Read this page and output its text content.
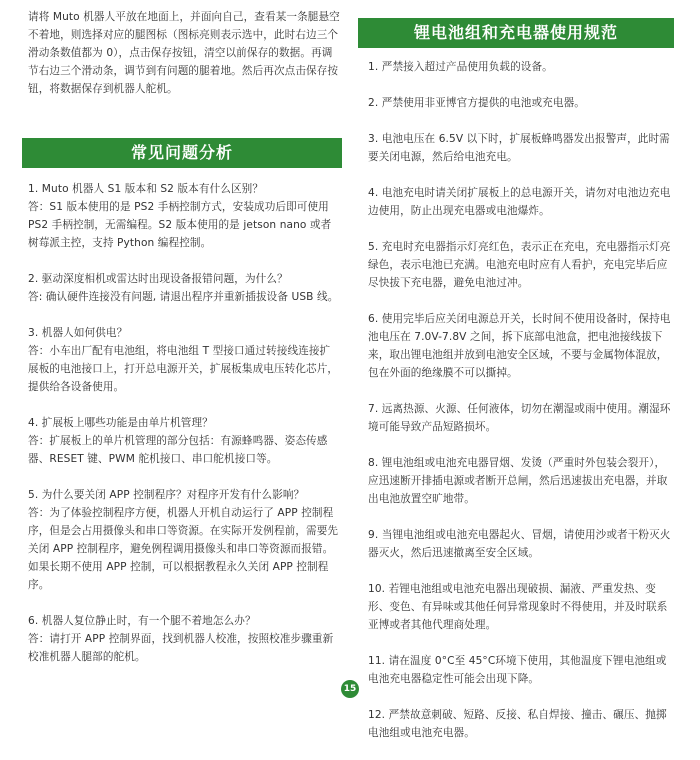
请将 Muto 机器人平放在地面上，并面向自己，查看某一条腿悬空不着地，则选择对应的腿图标（图标亮则表示选中，此时右边三个滑动条数值都为 0），点击保存按钮，清空以前保存的数据。再调节右边三个滑动条，调节到有问题的腿着地。然后再次点击保存按钮，将数据保存到机器人舵机。

常见问题分析

1. Muto 机器人 S1 版本和 S2 版本有什么区别？
答：S1 版本使用的是 PS2 手柄控制方式，安装成功后即可使用 PS2 手柄控制，无需编程。S2 版本使用的是 jetson nano 或者树莓派主控，支持 Python 编程控制。

2. 驱动深度相机或雷达时出现设备报错问题，为什么？
答: 确认硬件连接没有问题, 请退出程序并重新插拔设备 USB 线。

3. 机器人如何供电？
答：小车出厂配有电池组，将电池组 T 型接口通过转接线连接扩展板的电池接口上，打开总电源开关，扩展板集成电压转化芯片，提供给各设备使用。

4. 扩展板上哪些功能是由单片机管理？
答：扩展板上的单片机管理的部分包括：有源蜂鸣器、姿态传感器、RESET 键、PWM 舵机接口、串口舵机接口等。

5. 为什么要关闭 APP 控制程序？对程序开发有什么影响？
答：为了体验控制程序方便，机器人开机自动运行了 APP 控制程序，但是会占用摄像头和串口等资源。在实际开发例程前，需要先关闭 APP 控制程序，避免例程调用摄像头和串口等资源而报错。如果长期不使用 APP 控制，可以根据教程永久关闭 APP 控制程序。

6. 机器人复位静止时，有一个腿不着地怎么办？
答：请打开 APP 控制界面，找到机器人校准，按照校准步骤重新校准机器人腿部的舵机。

锂电池组和充电器使用规范

1. 严禁接入超过产品使用负载的设备。

2. 严禁使用非亚博官方提供的电池或充电器。

3. 电池电压在 6.5V 以下时，扩展板蜂鸣器发出报警声，此时需要关闭电源，然后给电池充电。

4. 电池充电时请关闭扩展板上的总电源开关，请勿对电池边充电边使用，防止出现充电器或电池爆炸。

5. 充电时充电器指示灯亮红色，表示正在充电，充电器指示灯亮绿色，表示电池已充满。电池充电时应有人看护，充电完毕后应尽快拔下充电器，避免电池过冲。

6. 使用完毕后应关闭电源总开关，长时间不使用设备时，保持电池电压在 7.0V-7.8V 之间，拆下底部电池盒，把电池接线拔下来，取出锂电池组并放到电池安全区域，不要与金属物体混放，包在外面的绝缘膜不可以撕掉。

7. 远离热源、火源、任何液体，切勿在潮湿或雨中使用。潮湿环境可能导致产品短路损坏。

8. 锂电池组或电池充电器冒烟、发烫（严重时外包装会裂开），应迅速断开排插电源或者断开总闸，然后迅速拔出充电器，并取出电池放置空旷地带。

9. 当锂电池组或电池充电器起火、冒烟，请使用沙或者干粉灭火器灭火，然后迅速撤离至安全区域。

10. 若锂电池组或电池充电器出现破损、漏液、严重发热、变形、变色、有异味或其他任何异常现象时不得使用，并及时联系亚博或者其他代理商处理。

11. 请在温度 0°C至 45°C环境下使用，其他温度下锂电池组或电池充电器稳定性可能会出现下降。

12. 严禁故意刺破、短路、反接、私自焊接、撞击、碾压、抛掷电池组或电池充电器。

15
